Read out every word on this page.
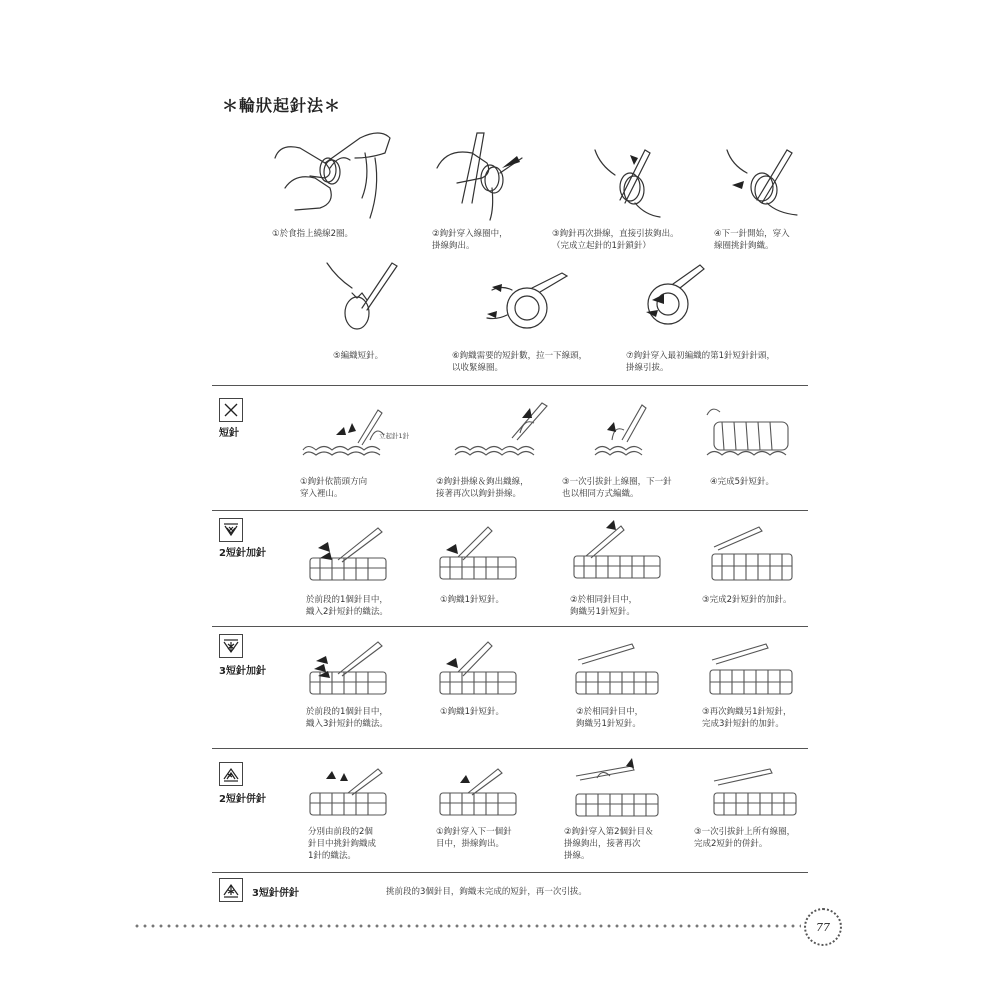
＊輪狀起針法＊
①於食指上繞線2圈。	②鉤針穿入線圈中，
掛線鉤出。
③鉤針再次掛線，直接引拔鉤出。
（完成立起針的1針鎖針）
④下一針開始，穿入
線圈挑針鉤織。
⑤編織短針。	⑥鉤織需要的短針數，拉一下線頭，
以收緊線圈。
⑦鉤針穿入最初編織的第1針短針針頭，
掛線引拔。
短針	立起針1針
①鉤針依箭頭方向
穿入裡山。
②鉤針掛線＆鉤出織線，
接著再次以鉤針掛線。
③一次引拔針上線圈，下一針
也以相同方式編織。
④完成5針短針。
2短針加針
於前段的1個針目中，
織入2針短針的織法。
①鉤織1針短針。	②於相同針目中，
鉤織另1針短針。
③完成2針短針的加針。
3短針加針
於前段的1個針目中，
織入3針短針的織法。
①鉤織1針短針。	②於相同針目中，
鉤織另1針短針。
③再次鉤織另1針短針，
完成3針短針的加針。
2短針併針
分別由前段的2個
針目中挑針鉤織成
1針的織法。
①鉤針穿入下一個針
目中，掛線鉤出。
②鉤針穿入第2個針目＆
掛線鉤出，接著再次
掛線。
③一次引拔針上所有線圈，
完成2短針的併針。
3短針併針	挑前段的3個針目，鉤織未完成的短針，再一次引拔。
77
